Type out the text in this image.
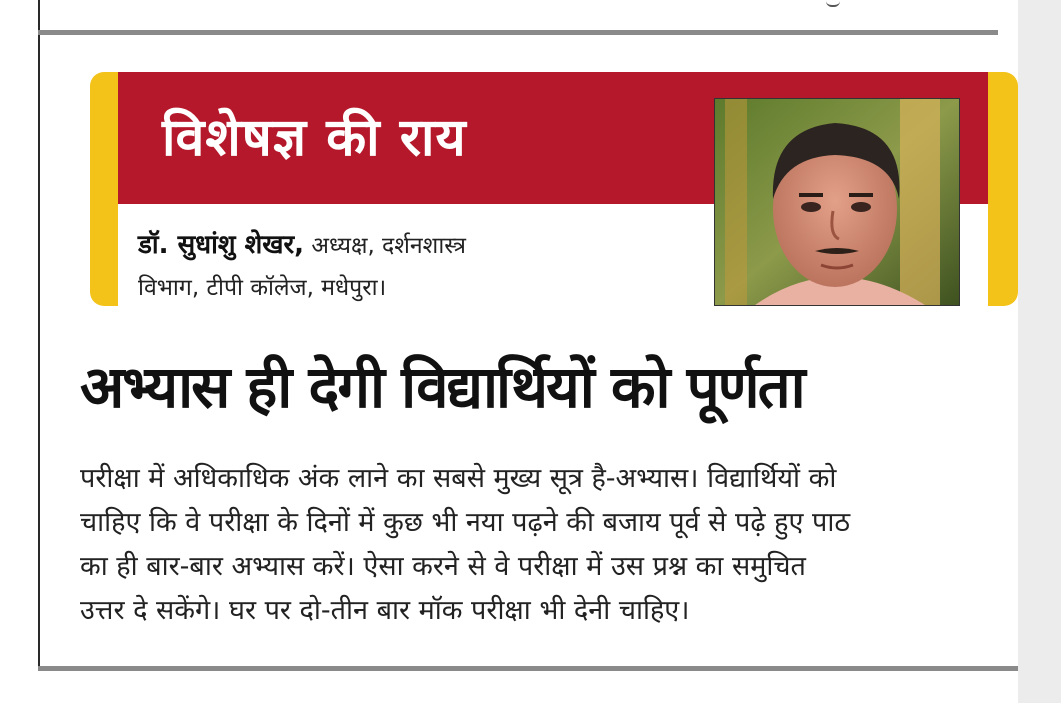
विशेषज्ञ की राय
डॉ. सुधांशु शेखर, अध्यक्ष, दर्शनशास्त्र
विभाग, टीपी कॉलेज, मधेपुरा।
अभ्यास ही देगी विद्यार्थियों को पूर्णता
परीक्षा में अधिकाधिक अंक लाने का सबसे मुख्य सूत्र है-अभ्यास। विद्यार्थियों को
चाहिए कि वे परीक्षा के दिनों में कुछ भी नया पढ़ने की बजाय पूर्व से पढ़े हुए पाठ
का ही बार-बार अभ्यास करें। ऐसा करने से वे परीक्षा में उस प्रश्न का समुचित
उत्तर दे सकेंगे। घर पर दो-तीन बार मॉक परीक्षा भी देनी चाहिए।
